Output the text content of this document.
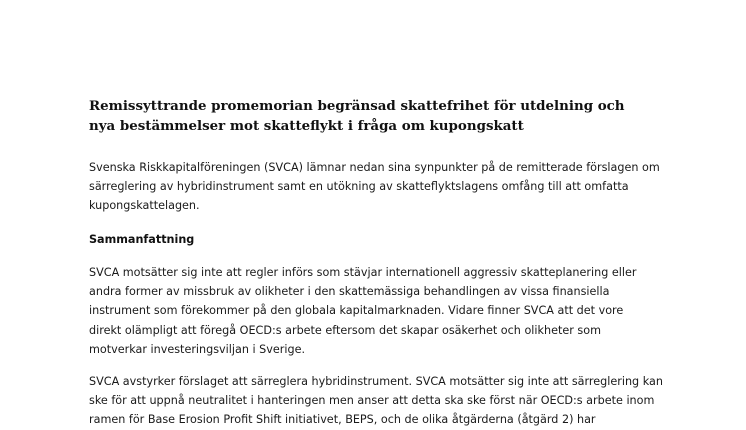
Remissyttrande promemorian begränsad skattefrihet för utdelning och
nya bestämmelser mot skatteflykt i fråga om kupongskatt
Svenska Riskkapitalföreningen (SVCA) lämnar nedan sina synpunkter på de remitterade förslagen om
särreglering av hybridinstrument samt en utökning av skatteflyktslagens omfång till att omfatta
kupongskattelagen.
Sammanfattning
SVCA motsätter sig inte att regler införs som stävjar internationell aggressiv skatteplanering eller
andra former av missbruk av olikheter i den skattemässiga behandlingen av vissa finansiella
instrument som förekommer på den globala kapitalmarknaden. Vidare finner SVCA att det vore
direkt olämpligt att föregå OECD:s arbete eftersom det skapar osäkerhet och olikheter som
motverkar investeringsviljan i Sverige.
SVCA avstyrker förslaget att särreglera hybridinstrument. SVCA motsätter sig inte att särreglering kan
ske för att uppnå neutralitet i hanteringen men anser att detta ska ske först när OECD:s arbete inom
ramen för Base Erosion Profit Shift initiativet, BEPS, och de olika åtgärderna (åtgärd 2) har
